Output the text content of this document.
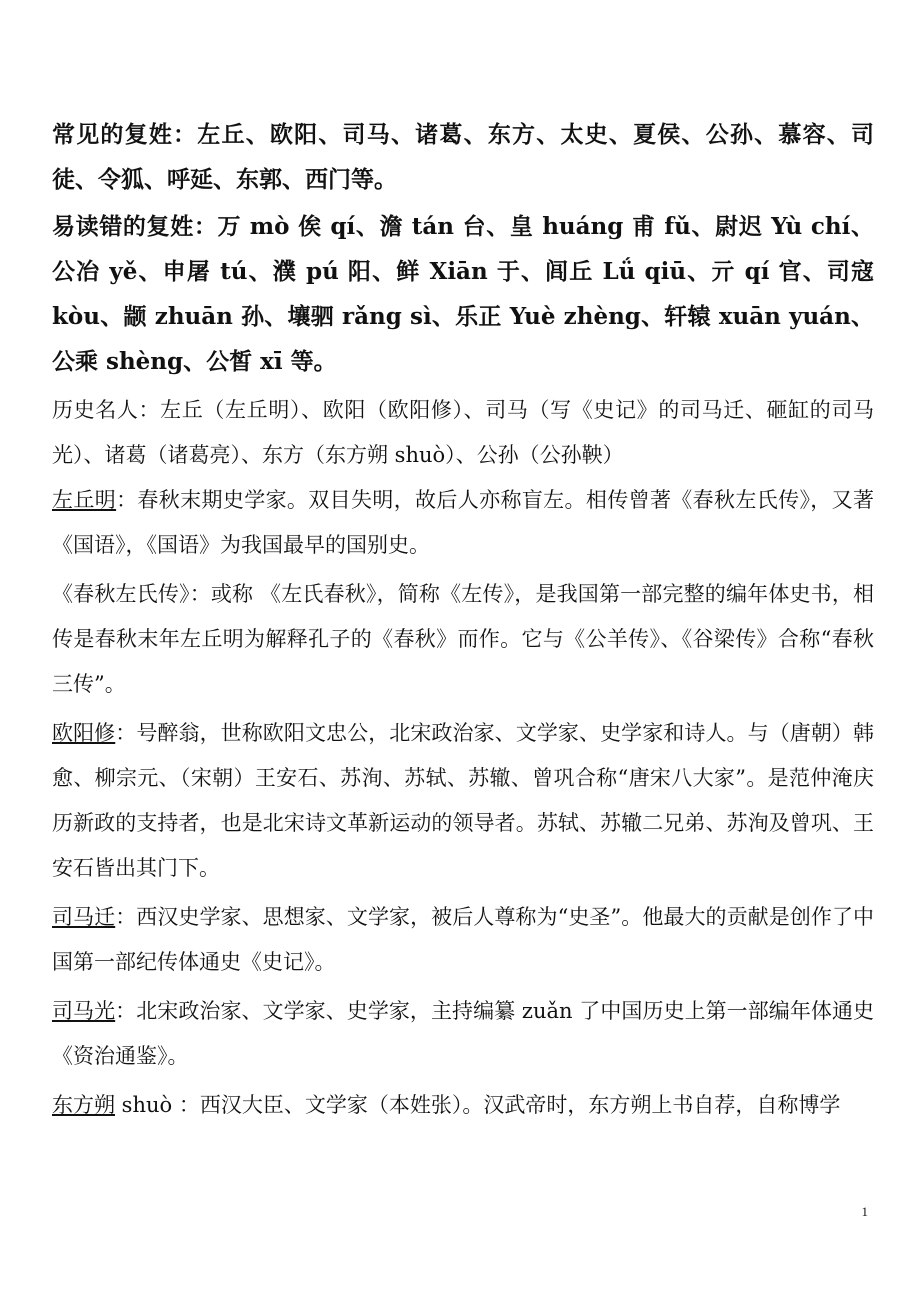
常见的复姓：左丘、欧阳、司马、诸葛、东方、太史、夏侯、公孙、慕容、司徒、令狐、呼延、东郭、西门等。

易读错的复姓：万 mò 俟 qí、澹 tán 台、皇 huáng 甫 fǔ、尉迟 Yù chí、公冶 yě、申屠 tú、濮 pú 阳、鲜 Xiān 于、闾丘 Lǘ qiū、亓 qí 官、司寇 kòu、颛 zhuān 孙、壤驷 rǎng sì、乐正 Yuè zhèng、轩辕 xuān yuán、公乘 shèng、公皙 xī 等。

历史名人：左丘（左丘明）、欧阳（欧阳修）、司马（写《史记》的司马迁、砸缸的司马光）、诸葛（诸葛亮）、东方（东方朔 shuò）、公孙（公孙鞅）

左丘明：春秋末期史学家。双目失明，故后人亦称盲左。相传曾著《春秋左氏传》，又著《国语》，《国语》为我国最早的国别史。

《春秋左氏传》：或称 《左氏春秋》，简称《左传》，是我国第一部完整的编年体史书，相传是春秋末年左丘明为解释孔子的《春秋》而作。它与《公羊传》、《谷梁传》合称“春秋三传”。

欧阳修：号醉翁，世称欧阳文忠公，北宋政治家、文学家、史学家和诗人。与（唐朝）韩愈、柳宗元、（宋朝）王安石、苏洵、苏轼、苏辙、曾巩合称“唐宋八大家”。是范仲淹庆历新政的支持者，也是北宋诗文革新运动的领导者。苏轼、苏辙二兄弟、苏洵及曾巩、王安石皆出其门下。

司马迁：西汉史学家、思想家、文学家，被后人尊称为“史圣”。他最大的贡献是创作了中国第一部纪传体通史《史记》。

司马光：北宋政治家、文学家、史学家，主持编纂 zuǎn 了中国历史上第一部编年体通史《资治通鉴》。

东方朔 shuò ：西汉大臣、文学家（本姓张）。汉武帝时，东方朔上书自荐，自称博学

1
